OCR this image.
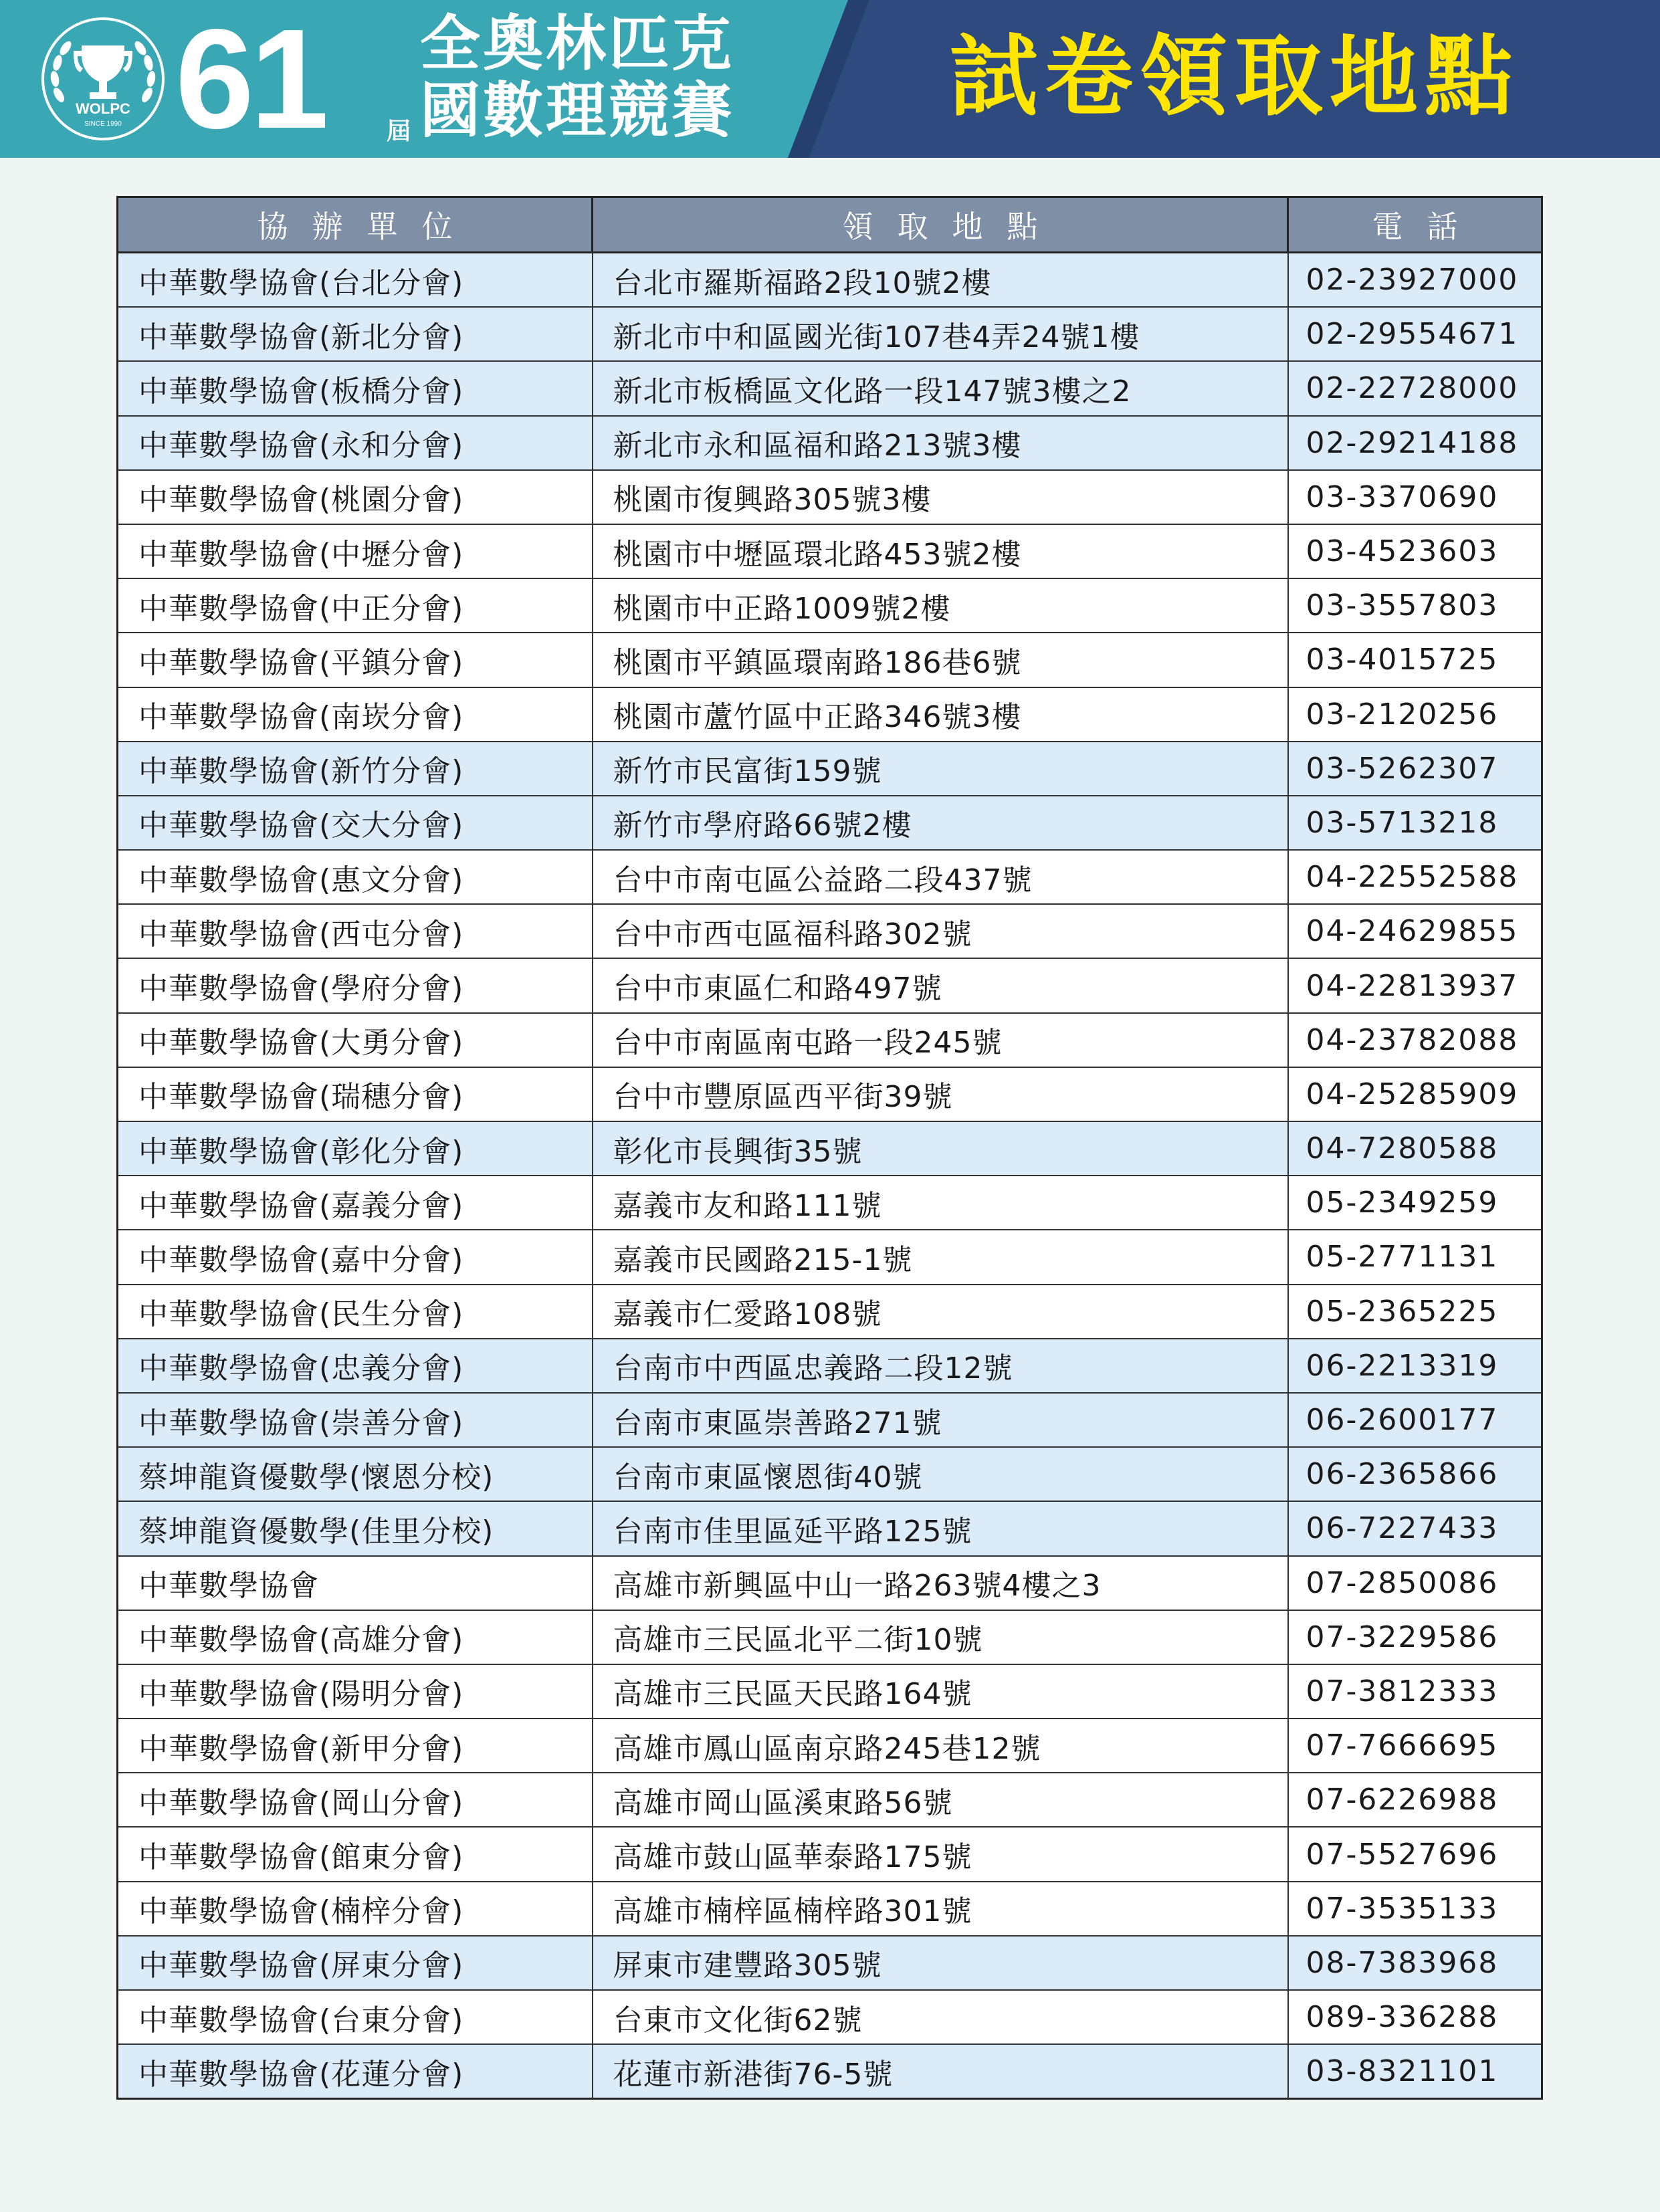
WOLPC
SINCE 1990 61	屆
全奧林匹克
國數理競賽 試卷領取地點
協辦單位	領取地點	電話
中華數學協會(台北分會)	台北市羅斯福路2段10號2樓	02-23927000
中華數學協會(新北分會)	新北市中和區國光街107巷4弄24號1樓	02-29554671
中華數學協會(板橋分會)	新北市板橋區文化路一段147號3樓之2	02-22728000
中華數學協會(永和分會)	新北市永和區福和路213號3樓	02-29214188
中華數學協會(桃園分會)	桃園市復興路305號3樓	03-3370690
中華數學協會(中壢分會)	桃園市中壢區環北路453號2樓	03-4523603
中華數學協會(中正分會)	桃園市中正路1009號2樓	03-3557803
中華數學協會(平鎮分會)	桃園市平鎮區環南路186巷6號	03-4015725
中華數學協會(南崁分會)	桃園市蘆竹區中正路346號3樓	03-2120256
中華數學協會(新竹分會)	新竹市民富街159號	03-5262307
中華數學協會(交大分會)	新竹市學府路66號2樓	03-5713218
中華數學協會(惠文分會)	台中市南屯區公益路二段437號	04-22552588
中華數學協會(西屯分會)	台中市西屯區福科路302號	04-24629855
中華數學協會(學府分會)	台中市東區仁和路497號	04-22813937
中華數學協會(大勇分會)	台中市南區南屯路一段245號	04-23782088
中華數學協會(瑞穗分會)	台中市豐原區西平街39號	04-25285909
中華數學協會(彰化分會)	彰化市長興街35號	04-7280588
中華數學協會(嘉義分會)	嘉義市友和路111號	05-2349259
中華數學協會(嘉中分會)	嘉義市民國路215-1號	05-2771131
中華數學協會(民生分會)	嘉義市仁愛路108號	05-2365225
中華數學協會(忠義分會)	台南市中西區忠義路二段12號	06-2213319
中華數學協會(崇善分會)	台南市東區崇善路271號	06-2600177
蔡坤龍資優數學(懷恩分校)	台南市東區懷恩街40號	06-2365866
蔡坤龍資優數學(佳里分校)	台南市佳里區延平路125號	06-7227433
中華數學協會	高雄市新興區中山一路263號4樓之3	07-2850086
中華數學協會(高雄分會)	高雄市三民區北平二街10號	07-3229586
中華數學協會(陽明分會)	高雄市三民區天民路164號	07-3812333
中華數學協會(新甲分會)	高雄市鳳山區南京路245巷12號	07-7666695
中華數學協會(岡山分會)	高雄市岡山區溪東路56號	07-6226988
中華數學協會(館東分會)	高雄市鼓山區華泰路175號	07-5527696
中華數學協會(楠梓分會)	高雄市楠梓區楠梓路301號	07-3535133
中華數學協會(屏東分會)	屏東市建豐路305號	08-7383968
中華數學協會(台東分會)	台東市文化街62號	089-336288
中華數學協會(花蓮分會)	花蓮市新港街76-5號	03-8321101
